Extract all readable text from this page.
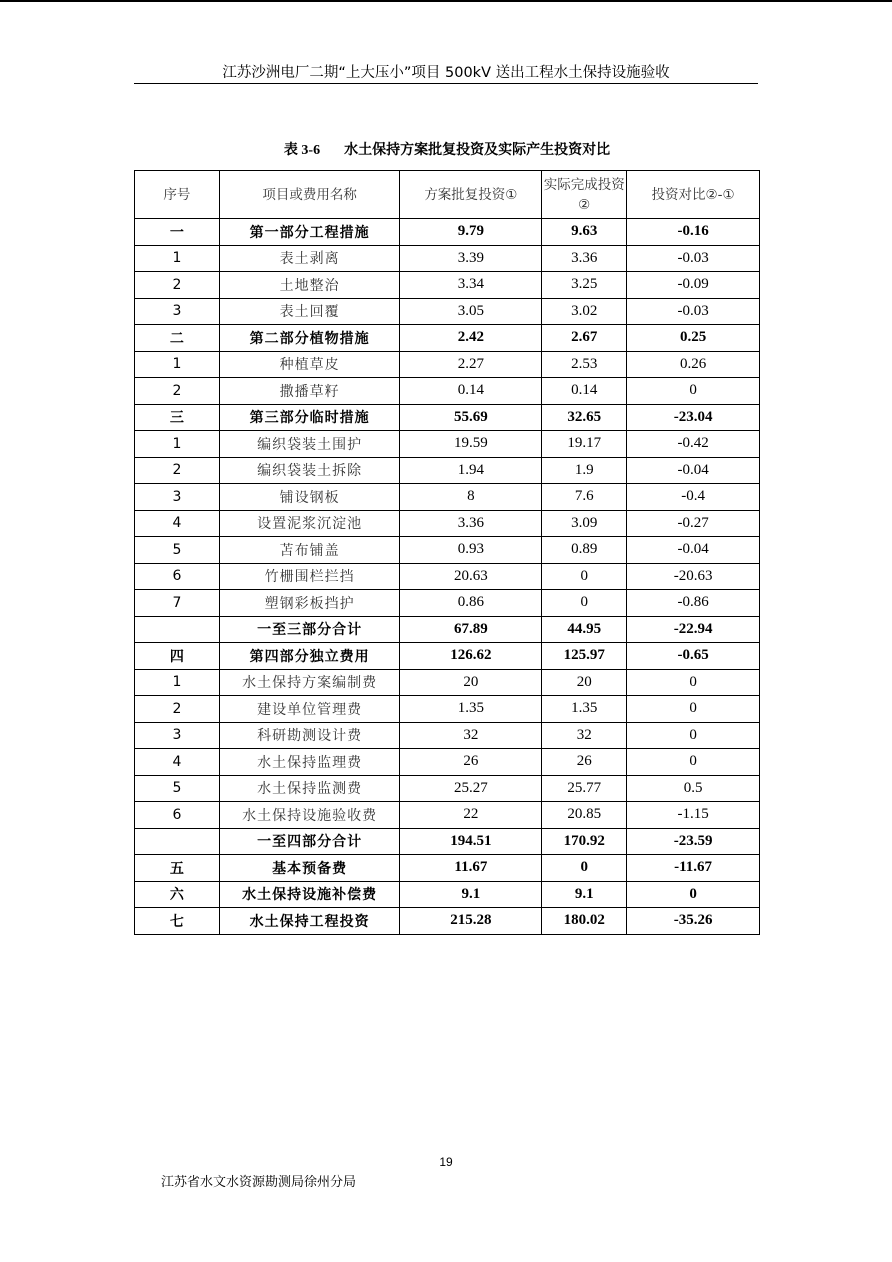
江苏沙洲电厂二期“上大压小”项目 500kV 送出工程水土保持设施验收
表 3-6 水土保持方案批复投资及实际产生投资对比
序号	项目或费用名称	方案批复投资①	实际完成投资②	投资对比②-①
一	第一部分工程措施	9.79	9.63	-0.16
1	表土剥离	3.39	3.36	-0.03
2	土地整治	3.34	3.25	-0.09
3	表土回覆	3.05	3.02	-0.03
二	第二部分植物措施	2.42	2.67	0.25
1	种植草皮	2.27	2.53	0.26
2	撒播草籽	0.14	0.14	0
三	第三部分临时措施	55.69	32.65	-23.04
1	编织袋装土围护	19.59	19.17	-0.42
2	编织袋装土拆除	1.94	1.9	-0.04
3	铺设钢板	8	7.6	-0.4
4	设置泥浆沉淀池	3.36	3.09	-0.27
5	苫布铺盖	0.93	0.89	-0.04
6	竹栅围栏拦挡	20.63	0	-20.63
7	塑钢彩板挡护	0.86	0	-0.86
	一至三部分合计	67.89	44.95	-22.94
四	第四部分独立费用	126.62	125.97	-0.65
1	水土保持方案编制费	20	20	0
2	建设单位管理费	1.35	1.35	0
3	科研勘测设计费	32	32	0
4	水土保持监理费	26	26	0
5	水土保持监测费	25.27	25.77	0.5
6	水土保持设施验收费	22	20.85	-1.15
	一至四部分合计	194.51	170.92	-23.59
五	基本预备费	11.67	0	-11.67
六	水土保持设施补偿费	9.1	9.1	0
七	水土保持工程投资	215.28	180.02	-35.26
19
江苏省水文水资源勘测局徐州分局
